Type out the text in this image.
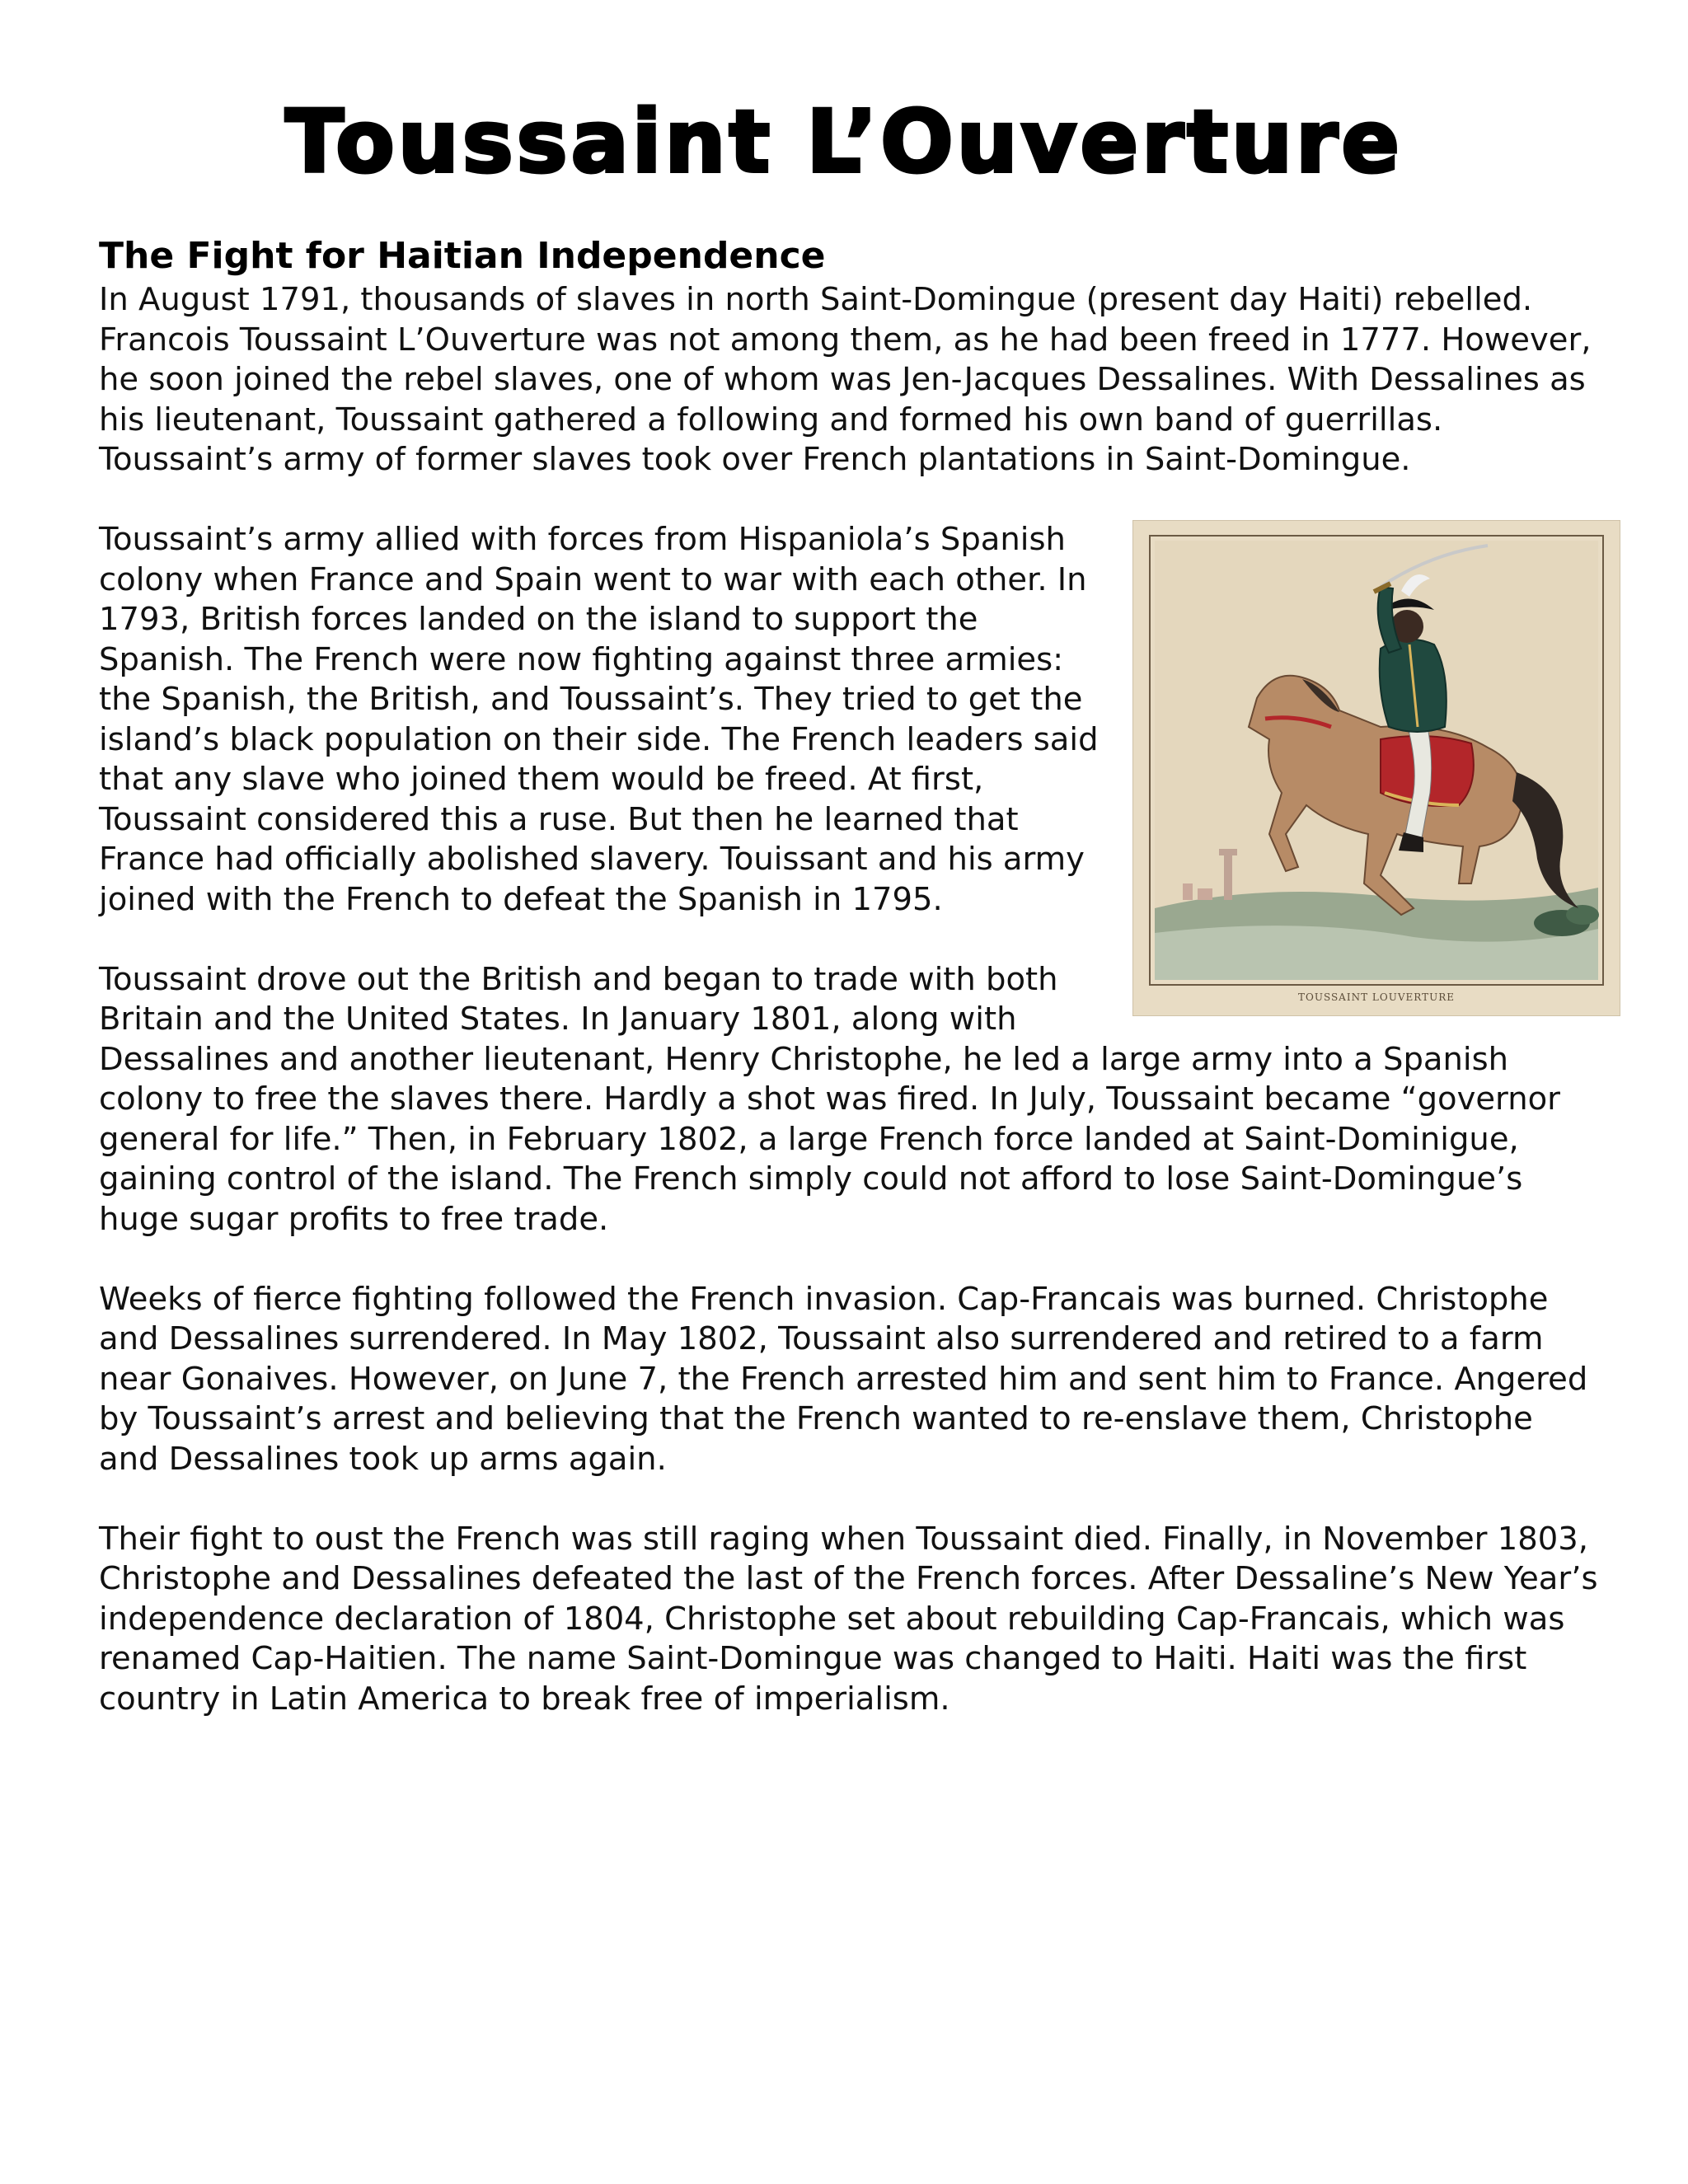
Toussaint L’Ouverture
The Fight for Haitian Independence

In August 1791, thousands of slaves in north Saint-Domingue (present day Haiti) rebelled. Francois Toussaint L’Ouverture was not among them, as he had been freed in 1777. However, he soon joined the rebel slaves, one of whom was Jen-Jacques Dessalines. With Dessalines as his lieutenant, Toussaint gathered a following and formed his own band of guerrillas. Toussaint’s army of former slaves took over French plantations in Saint-Domingue.

TOUSSAINT LOUVERTURE

Toussaint’s army allied with forces from Hispaniola’s Spanish colony when France and Spain went to war with each other. In 1793, British forces landed on the island to support the Spanish. The French were now fighting against three armies: the Spanish, the British, and Toussaint’s. They tried to get the island’s black population on their side. The French leaders said that any slave who joined them would be freed. At first, Toussaint considered this a ruse. But then he learned that France had officially abolished slavery. Touissant and his army joined with the French to defeat the Spanish in 1795.

Toussaint drove out the British and began to trade with both Britain and the United States. In January 1801, along with Dessalines and another lieutenant, Henry Christophe, he led a large army into a Spanish colony to free the slaves there. Hardly a shot was fired. In July, Toussaint became “governor general for life.” Then, in February 1802, a large French force landed at Saint-Dominigue, gaining control of the island. The French simply could not afford to lose Saint-Domingue’s huge sugar profits to free trade.

Weeks of fierce fighting followed the French invasion. Cap-Francais was burned. Christophe and Dessalines surrendered. In May 1802, Toussaint also surrendered and retired to a farm near Gonaives. However, on June 7, the French arrested him and sent him to France. Angered by Toussaint’s arrest and believing that the French wanted to re-enslave them, Christophe and Dessalines took up arms again.

Their fight to oust the French was still raging when Toussaint died. Finally, in November 1803, Christophe and Dessalines defeated the last of the French forces. After Dessaline’s New Year’s independence declaration of 1804, Christophe set about rebuilding Cap-Francais, which was renamed Cap-Haitien. The name Saint-Domingue was changed to Haiti. Haiti was the first country in Latin America to break free of imperialism.
